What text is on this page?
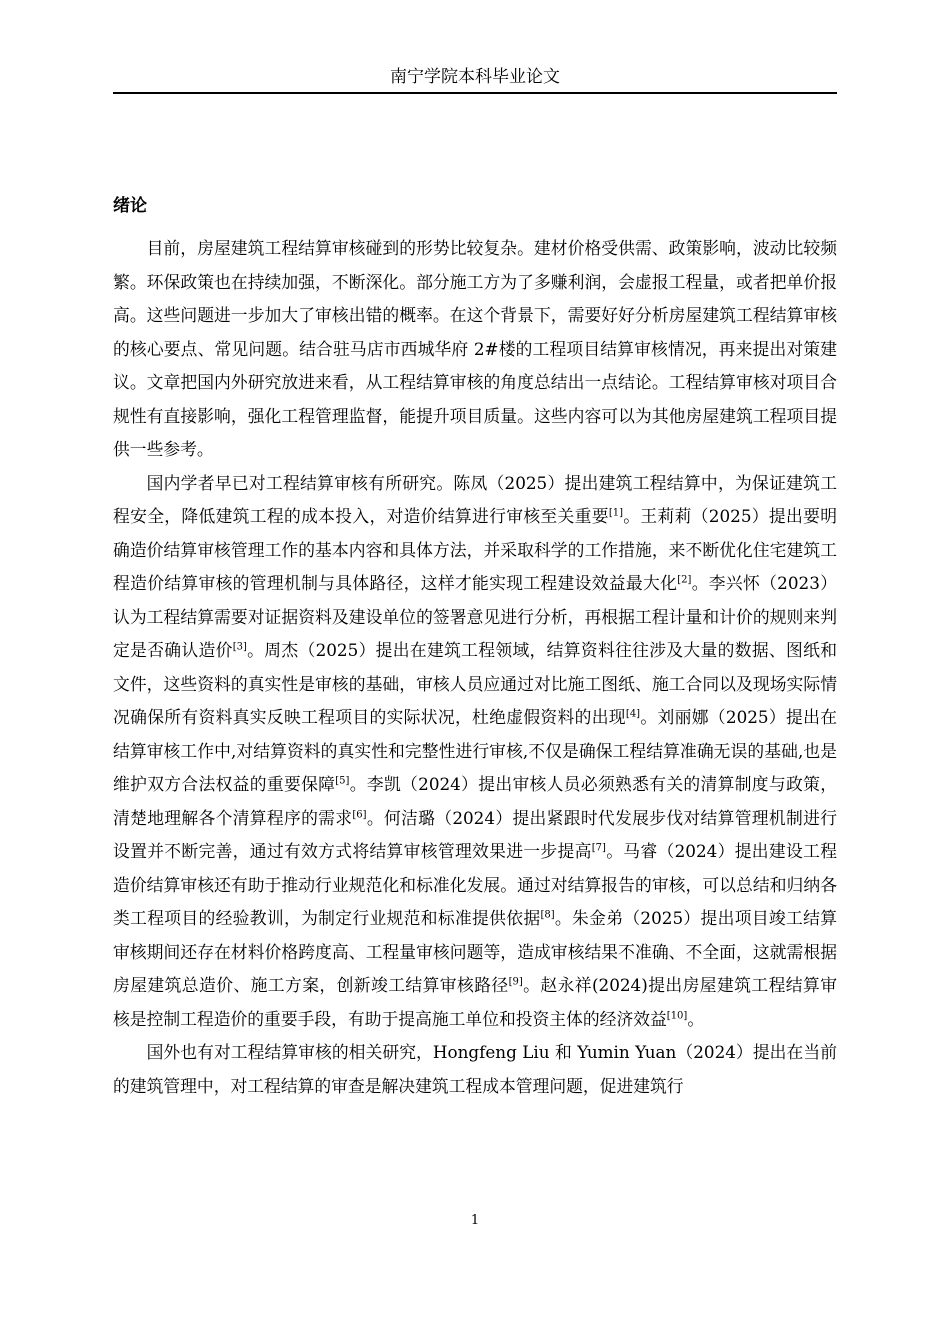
南宁学院本科毕业论文
绪论

目前，房屋建筑工程结算审核碰到的形势比较复杂。建材价格受供需、政策影响，波动比较频繁。环保政策也在持续加强，不断深化。部分施工方为了多赚利润，会虚报工程量，或者把单价报高。这些问题进一步加大了审核出错的概率。在这个背景下，需要好好分析房屋建筑工程结算审核的核心要点、常见问题。结合驻马店市西城华府 2#楼的工程项目结算审核情况，再来提出对策建议。文章把国内外研究放进来看，从工程结算审核的角度总结出一点结论。工程结算审核对项目合规性有直接影响，强化工程管理监督，能提升项目质量。这些内容可以为其他房屋建筑工程项目提供一些参考。

国内学者早已对工程结算审核有所研究。陈凤（2025）提出建筑工程结算中，为保证建筑工程安全，降低建筑工程的成本投入，对造价结算进行审核至关重要[1]。王莉莉（2025）提出要明确造价结算审核管理工作的基本内容和具体方法，并采取科学的工作措施，来不断优化住宅建筑工程造价结算审核的管理机制与具体路径，这样才能实现工程建设效益最大化[2]。李兴怀（2023）认为工程结算需要对证据资料及建设单位的签署意见进行分析，再根据工程计量和计价的规则来判定是否确认造价[3]。周杰（2025）提出在建筑工程领域，结算资料往往涉及大量的数据、图纸和文件，这些资料的真实性是审核的基础，审核人员应通过对比施工图纸、施工合同以及现场实际情况确保所有资料真实反映工程项目的实际状况，杜绝虚假资料的出现[4]。刘丽娜（2025）提出在结算审核工作中,对结算资料的真实性和完整性进行审核,不仅是确保工程结算准确无误的基础,也是维护双方合法权益的重要保障[5]。李凯（2024）提出审核人员必须熟悉有关的清算制度与政策，清楚地理解各个清算程序的需求[6]。何洁璐（2024）提出紧跟时代发展步伐对结算管理机制进行设置并不断完善，通过有效方式将结算审核管理效果进一步提高[7]。马睿（2024）提出建设工程造价结算审核还有助于推动行业规范化和标准化发展。通过对结算报告的审核，可以总结和归纳各类工程项目的经验教训，为制定行业规范和标准提供依据[8]。朱金弟（2025）提出项目竣工结算审核期间还存在材料价格跨度高、工程量审核问题等，造成审核结果不准确、不全面，这就需根据房屋建筑总造价、施工方案，创新竣工结算审核路径[9]。赵永祥(2024)提出房屋建筑工程结算审核是控制工程造价的重要手段，有助于提高施工单位和投资主体的经济效益[10]。

国外也有对工程结算审核的相关研究，Hongfeng Liu 和 Yumin Yuan（2024）提出在当前的建筑管理中，对工程结算的审查是解决建筑工程成本管理问题，促进建筑行

1
